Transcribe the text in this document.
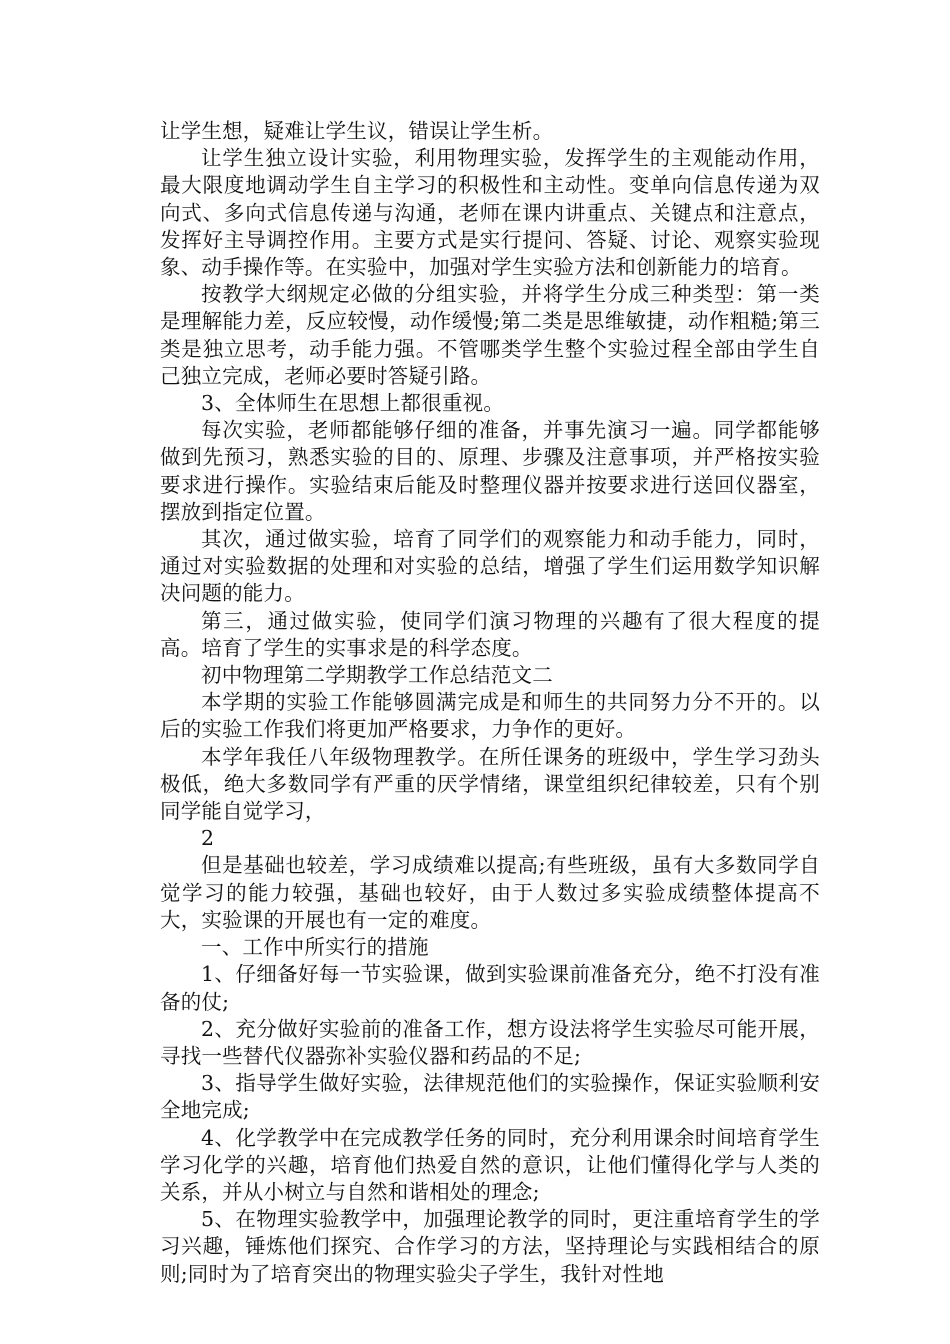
让学生想，疑难让学生议，错误让学生析。

让学生独立设计实验，利用物理实验，发挥学生的主观能动作用，最大限度地调动学生自主学习的积极性和主动性。变单向信息传递为双向式、多向式信息传递与沟通，老师在课内讲重点、关键点和注意点，发挥好主导调控作用。主要方式是实行提问、答疑、讨论、观察实验现象、动手操作等。在实验中，加强对学生实验方法和创新能力的培育。

按教学大纲规定必做的分组实验，并将学生分成三种类型：第一类是理解能力差，反应较慢，动作缓慢;第二类是思维敏捷，动作粗糙;第三类是独立思考，动手能力强。不管哪类学生整个实验过程全部由学生自己独立完成，老师必要时答疑引路。

3、全体师生在思想上都很重视。

每次实验，老师都能够仔细的准备，并事先演习一遍。同学都能够做到先预习，熟悉实验的目的、原理、步骤及注意事项，并严格按实验要求进行操作。实验结束后能及时整理仪器并按要求进行送回仪器室，摆放到指定位置。

其次，通过做实验，培育了同学们的观察能力和动手能力，同时，通过对实验数据的处理和对实验的总结，增强了学生们运用数学知识解决问题的能力。

第三，通过做实验，使同学们演习物理的兴趣有了很大程度的提高。培育了学生的实事求是的科学态度。

初中物理第二学期教学工作总结范文二

本学期的实验工作能够圆满完成是和师生的共同努力分不开的。以后的实验工作我们将更加严格要求，力争作的更好。

本学年我任八年级物理教学。在所任课务的班级中，学生学习劲头极低，绝大多数同学有严重的厌学情绪，课堂组织纪律较差，只有个别同学能自觉学习，

2

但是基础也较差，学习成绩难以提高;有些班级，虽有大多数同学自觉学习的能力较强，基础也较好，由于人数过多实验成绩整体提高不大，实验课的开展也有一定的难度。

一、工作中所实行的措施

1、仔细备好每一节实验课，做到实验课前准备充分，绝不打没有准备的仗;

2、充分做好实验前的准备工作，想方设法将学生实验尽可能开展，寻找一些替代仪器弥补实验仪器和药品的不足;

3、指导学生做好实验，法律规范他们的实验操作，保证实验顺利安全地完成;

4、化学教学中在完成教学任务的同时，充分利用课余时间培育学生学习化学的兴趣，培育他们热爱自然的意识，让他们懂得化学与人类的关系，并从小树立与自然和谐相处的理念;

5、在物理实验教学中，加强理论教学的同时，更注重培育学生的学习兴趣，锤炼他们探究、合作学习的方法，坚持理论与实践相结合的原则;同时为了培育突出的物理实验尖子学生，我针对性地
